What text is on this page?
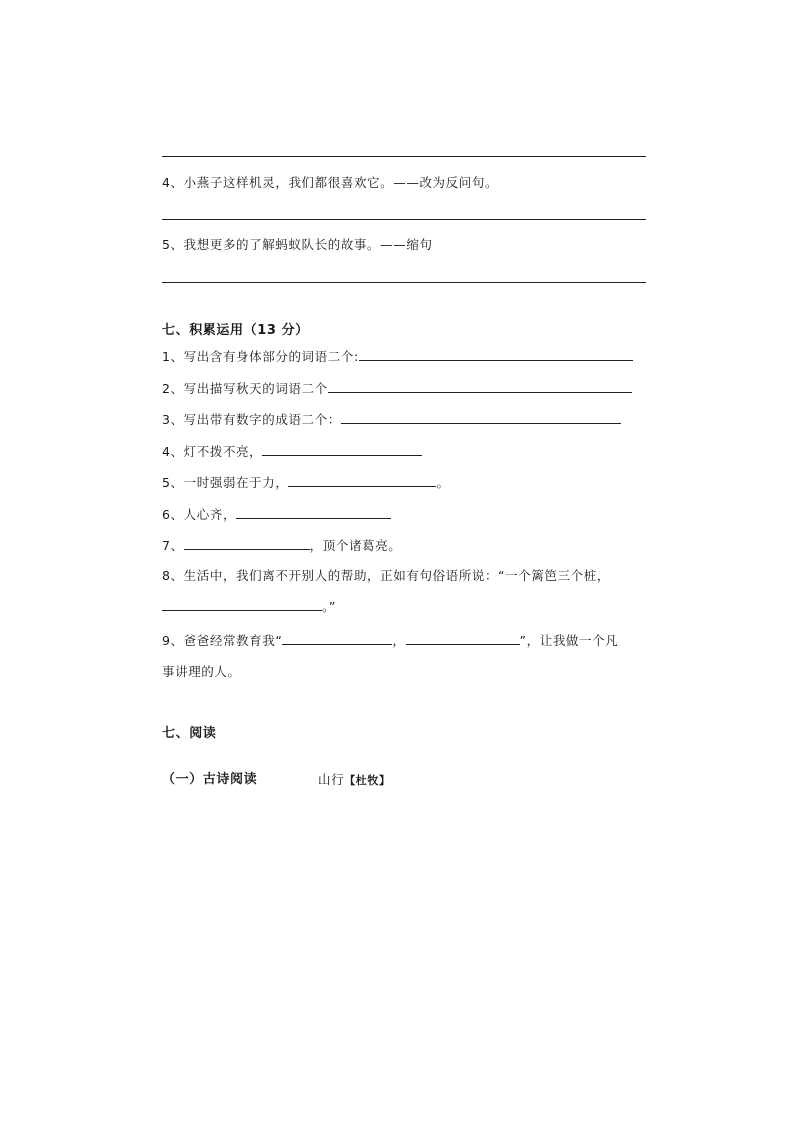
4、小燕子这样机灵，我们都很喜欢它。——改为反问句。
5、我想更多的了解蚂蚁队长的故事。——缩句
七、积累运用（13 分）
1、写出含有身体部分的词语二个:
2、写出描写秋天的词语二个
3、写出带有数字的成语二个：
4、灯不拨不亮，
5、一时强弱在于力，	。
6、人心齐，
7、	，顶个诸葛亮。
8、生活中，我们离不开别人的帮助，正如有句俗语所说：“一个篱笆三个桩，
。”
9、爸爸经常教育我“	，	”，让我做一个凡
事讲理的人。
七、阅读
（一）古诗阅读	山行【杜牧】
